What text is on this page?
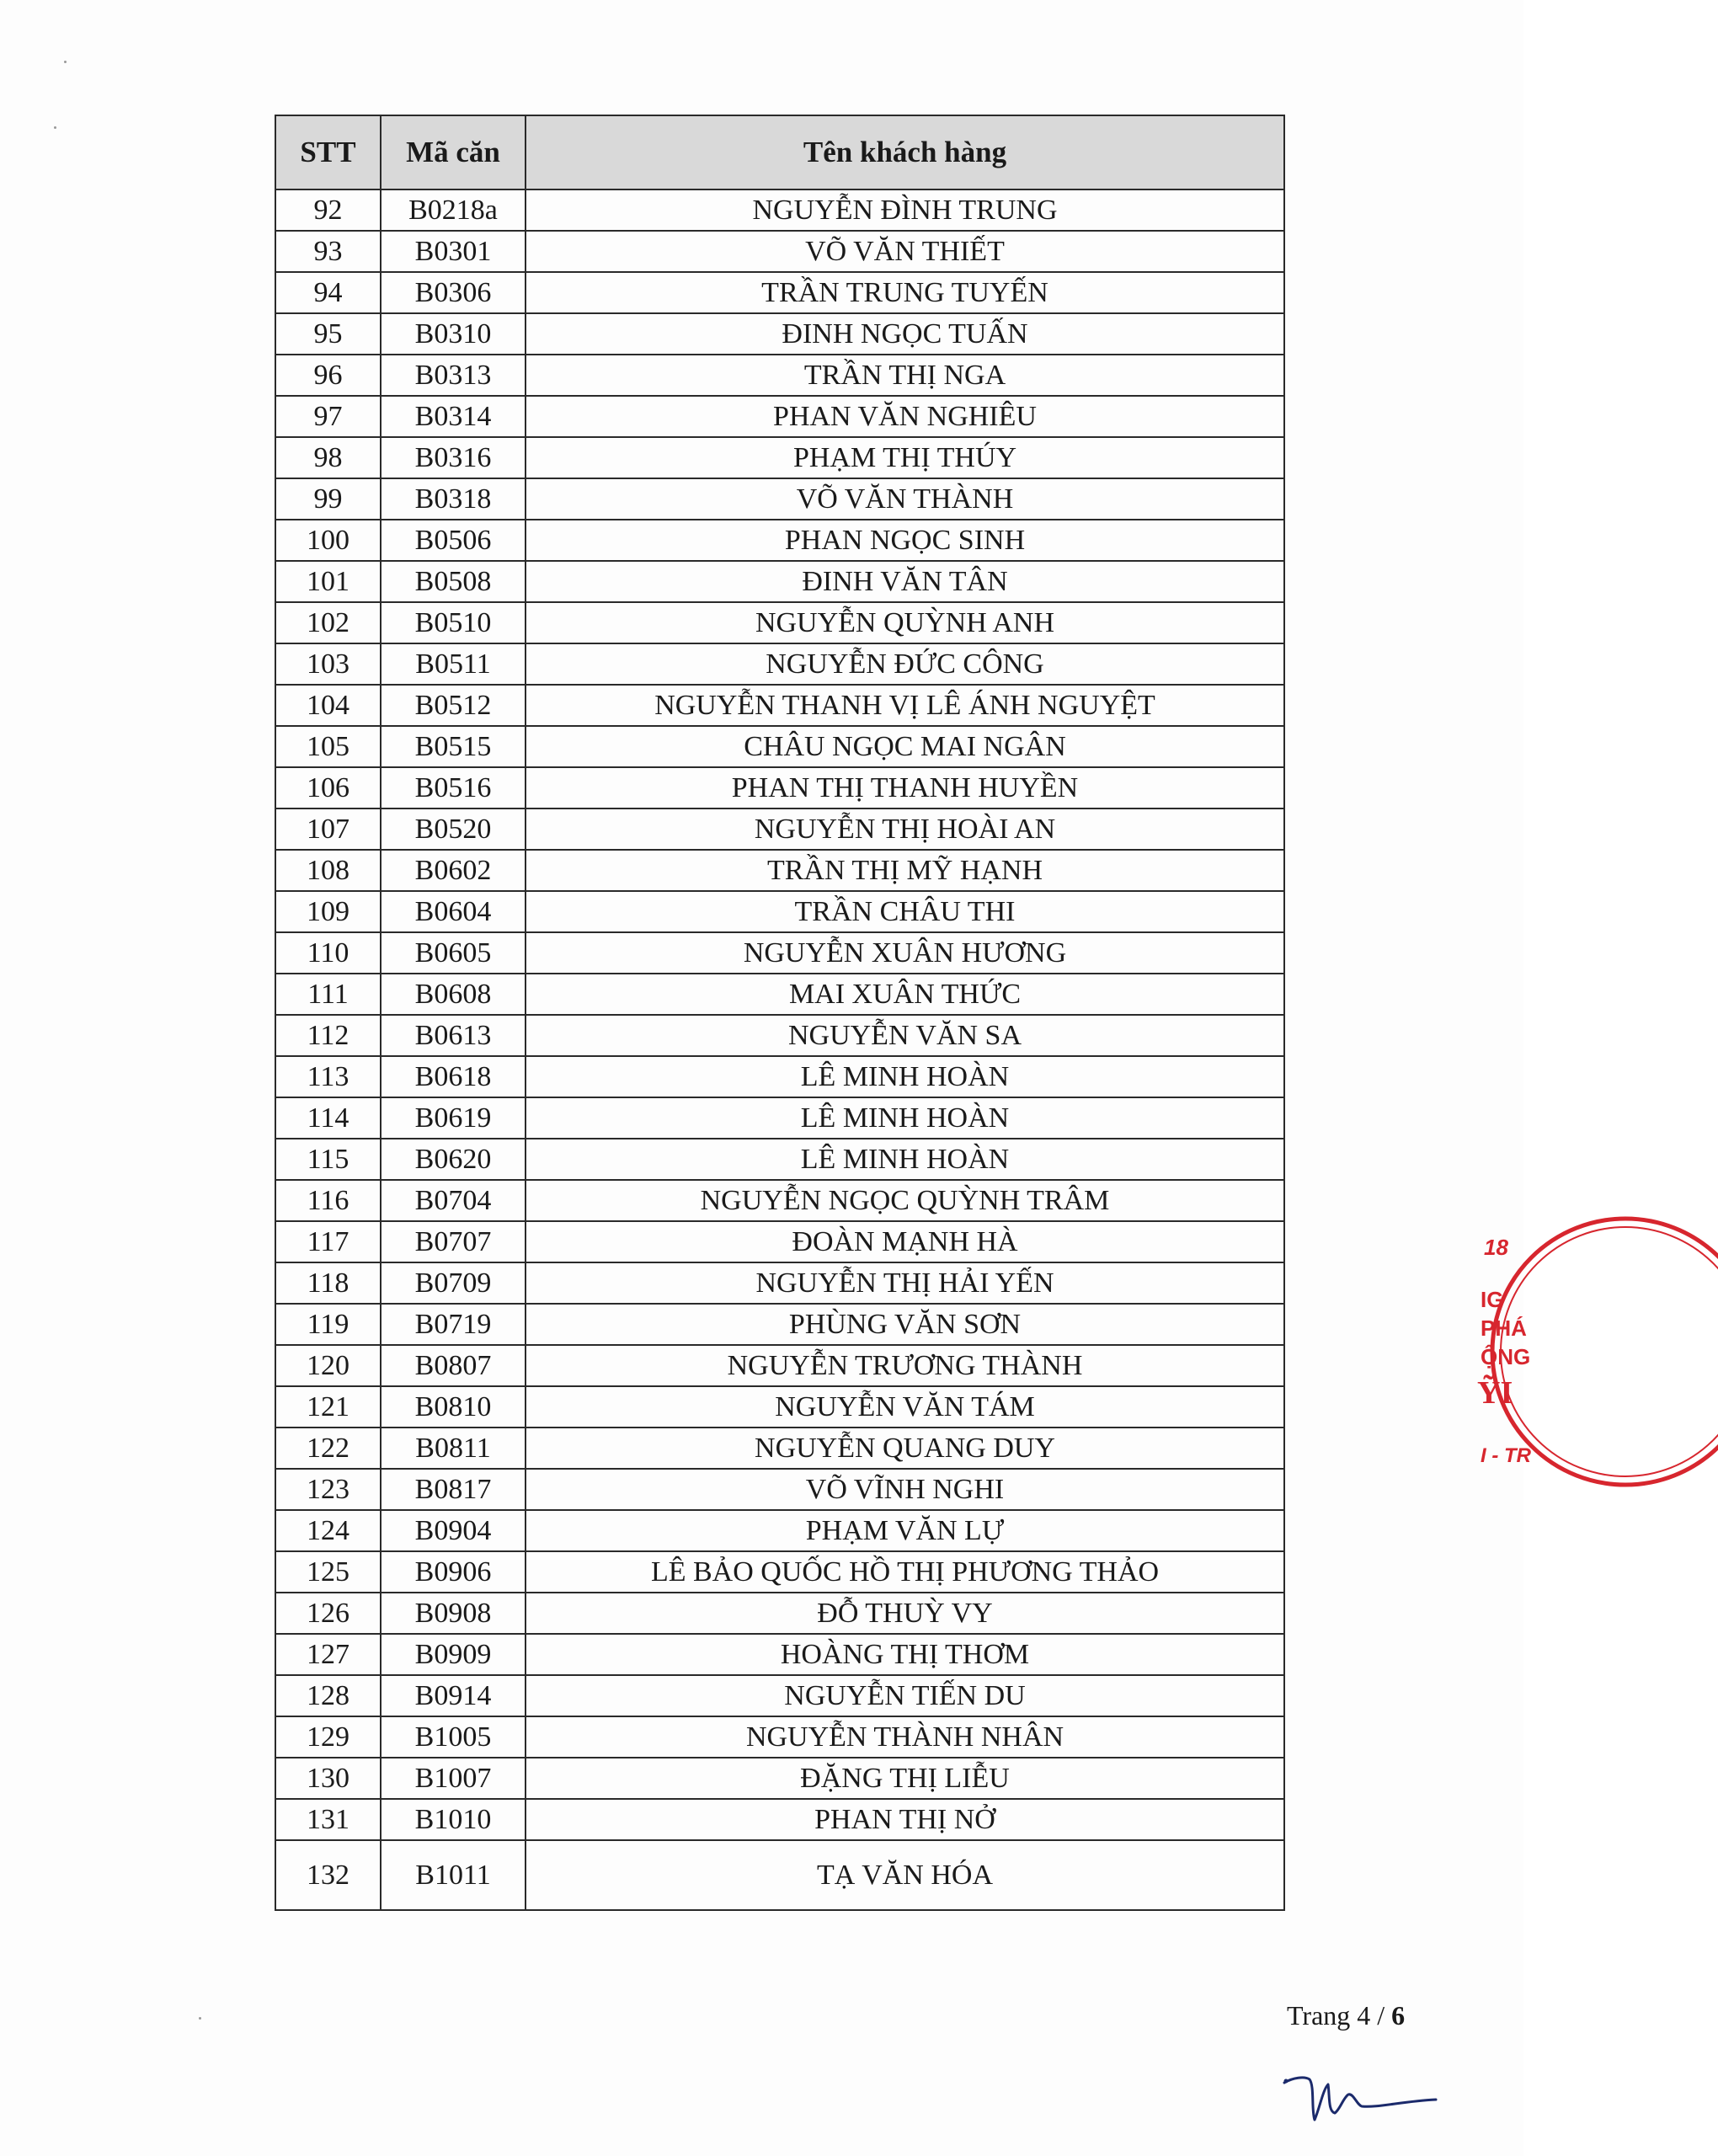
STT	Mã căn	Tên khách hàng
92	B0218a	NGUYỄN ĐÌNH TRUNG
93	B0301	VÕ VĂN THIẾT
94	B0306	TRẦN TRUNG TUYẾN
95	B0310	ĐINH NGỌC TUẤN
96	B0313	TRẦN THỊ NGA
97	B0314	PHAN VĂN NGHIÊU
98	B0316	PHẠM THỊ THÚY
99	B0318	VÕ VĂN THÀNH
100	B0506	PHAN NGỌC SINH
101	B0508	ĐINH VĂN TÂN
102	B0510	NGUYỄN QUỲNH ANH
103	B0511	NGUYỄN ĐỨC CÔNG
104	B0512	NGUYỄN THANH VỊ LÊ ÁNH NGUYỆT
105	B0515	CHÂU NGỌC MAI NGÂN
106	B0516	PHAN THỊ THANH HUYỀN
107	B0520	NGUYỄN THỊ HOÀI AN
108	B0602	TRẦN THỊ MỸ HẠNH
109	B0604	TRẦN CHÂU THI
110	B0605	NGUYỄN XUÂN HƯƠNG
111	B0608	MAI XUÂN THỨC
112	B0613	NGUYỄN VĂN SA
113	B0618	LÊ MINH HOÀN
114	B0619	LÊ MINH HOÀN
115	B0620	LÊ MINH HOÀN
116	B0704	NGUYỄN NGỌC QUỲNH TRÂM
117	B0707	ĐOÀN MẠNH HÀ
118	B0709	NGUYỄN THỊ HẢI YẾN
119	B0719	PHÙNG VĂN SƠN
120	B0807	NGUYỄN TRƯƠNG THÀNH
121	B0810	NGUYỄN VĂN TÁM
122	B0811	NGUYỄN QUANG DUY
123	B0817	VÕ VĨNH NGHI
124	B0904	PHẠM VĂN LỰ
125	B0906	LÊ BẢO QUỐC HỒ THỊ PHƯƠNG THẢO
126	B0908	ĐỖ THUỲ VY
127	B0909	HOÀNG THỊ THƠM
128	B0914	NGUYỄN TIẾN DU
129	B1005	NGUYỄN THÀNH NHÂN
130	B1007	ĐẶNG THỊ LIỄU
131	B1010	PHAN THỊ NỞ
132	B1011	TẠ VĂN HÓA
18
IG
PHÁ
ỘNG
ỸI
I - TR
Trang 4 / 6
